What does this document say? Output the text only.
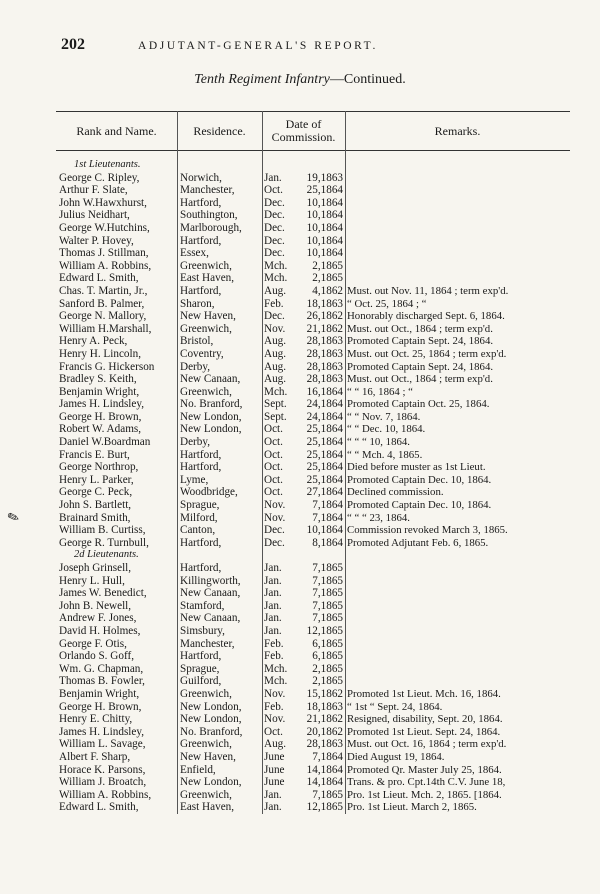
202	ADJUTANT-GENERAL'S REPORT.
Tenth Regiment Infantry—Continued.
✎
Rank and Name.	Residence.	Date of Commission.	Remarks.
1st Lieutenants.
George C. Ripley,	Norwich,	Jan.	19,1863
Arthur F. Slate,	Manchester,	Oct.	25,1864
John W.Hawxhurst,	Hartford,	Dec.	10,1864
Julius Neidhart,	Southington,	Dec.	10,1864
George W.Hutchins,	Marlborough,	Dec.	10,1864
Walter P. Hovey,	Hartford,	Dec.	10,1864
Thomas J. Stillman,	Essex,	Dec.	10,1864
William A. Robbins,	Greenwich,	Mch.	2,1865
Edward L. Smith,	East Haven,	Mch.	2,1865
Chas. T. Martin, Jr.,	Hartford,	Aug.	4,1862 Must. out Nov. 11, 1864 ; term exp'd.
Sanford B. Palmer,	Sharon,	Feb.	18,1863 “ Oct. 25, 1864 ; “
George N. Mallory,	New Haven,	Dec.	26,1862 Honorably discharged Sept. 6, 1864.
William H.Marshall,	Greenwich,	Nov.	21,1862 Must. out Oct., 1864 ; term exp'd.
Henry A. Peck,	Bristol,	Aug.	28,1863 Promoted Captain Sept. 24, 1864.
Henry H. Lincoln,	Coventry,	Aug.	28,1863 Must. out Oct. 25, 1864 ; term exp'd.
Francis G. Hickerson	Derby,	Aug.	28,1863 Promoted Captain Sept. 24, 1864.
Bradley S. Keith,	New Canaan,	Aug.	28,1863 Must. out Oct., 1864 ; term exp'd.
Benjamin Wright,	Greenwich,	Mch.	16,1864 “ “ 16, 1864 ; “
James H. Lindsley,	No. Branford,	Sept.	24,1864 Promoted Captain Oct. 25, 1864.
George H. Brown,	New London,	Sept.	24,1864 “ “ Nov. 7, 1864.
Robert W. Adams,	New London,	Oct.	25,1864 “ “ Dec. 10, 1864.
Daniel W.Boardman	Derby,	Oct.	25,1864 “ “ “ 10, 1864.
Francis E. Burt,	Hartford,	Oct.	25,1864 “ “ Mch. 4, 1865.
George Northrop,	Hartford,	Oct.	25,1864 Died before muster as 1st Lieut.
Henry L. Parker,	Lyme,	Oct.	25,1864 Promoted Captain Dec. 10, 1864.
George C. Peck,	Woodbridge,	Oct.	27,1864 Declined commission.
John S. Bartlett,	Sprague,	Nov.	7,1864 Promoted Captain Dec. 10, 1864.
Brainard Smith,	Milford,	Nov.	7,1864 “ “ “ 23, 1864.
William B. Curtiss,	Canton,	Dec.	10,1864 Commission revoked March 3, 1865.
George R. Turnbull,	Hartford,	Dec.	8,1864 Promoted Adjutant Feb. 6, 1865.
2d Lieutenants.
Joseph Grinsell,	Hartford,	Jan.	7,1865
Henry L. Hull,	Killingworth,	Jan.	7,1865
James W. Benedict,	New Canaan,	Jan.	7,1865
John B. Newell,	Stamford,	Jan.	7,1865
Andrew F. Jones,	New Canaan,	Jan.	7,1865
David H. Holmes,	Simsbury,	Jan.	12,1865
George F. Otis,	Manchester,	Feb.	6,1865
Orlando S. Goff,	Hartford,	Feb.	6,1865
Wm. G. Chapman,	Sprague,	Mch.	2,1865
Thomas B. Fowler,	Guilford,	Mch.	2,1865
Benjamin Wright,	Greenwich,	Nov.	15,1862 Promoted 1st Lieut. Mch. 16, 1864.
George H. Brown,	New London,	Feb.	18,1863 “ 1st “ Sept. 24, 1864.
Henry E. Chitty,	New London,	Nov.	21,1862 Resigned, disability, Sept. 20, 1864.
James H. Lindsley,	No. Branford,	Oct.	20,1862 Promoted 1st Lieut. Sept. 24, 1864.
William L. Savage,	Greenwich,	Aug.	28,1863 Must. out Oct. 16, 1864 ; term exp'd.
Albert F. Sharp,	New Haven,	June	7,1864 Died August 19, 1864.
Horace K. Parsons,	Enfield,	June	14,1864 Promoted Qr. Master July 25, 1864.
William J. Broatch,	New London,	June	14,1864 Trans. & pro. Cpt.14th C.V. June 18,
William A. Robbins,	Greenwich,	Jan.	7,1865 Pro. 1st Lieut. Mch. 2, 1865. [1864.
Edward L. Smith,	East Haven,	Jan.	12,1865 Pro. 1st Lieut. March 2, 1865.
